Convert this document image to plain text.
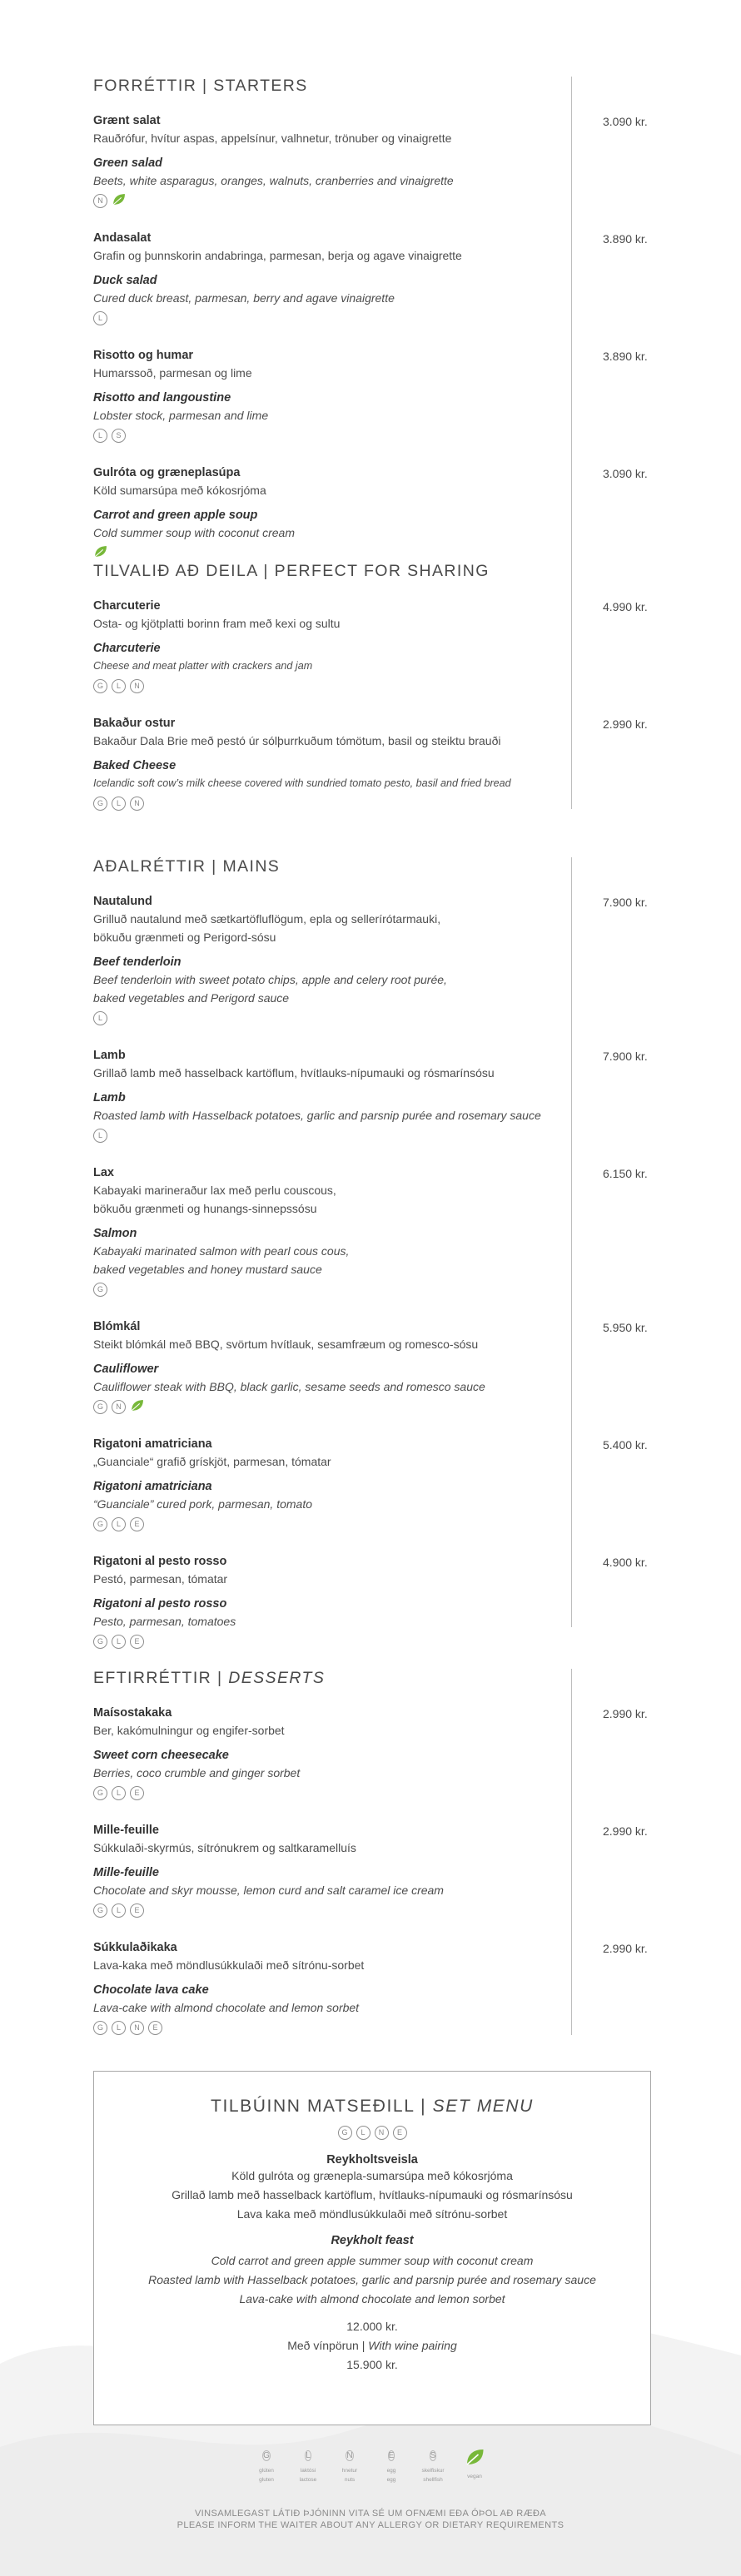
FORRÉTTIR | STARTERS
3.090 kr.
Grænt salat
Rauðrófur, hvítur aspas, appelsínur, valhnetur, trönuber og vinaigrette
Green salad
Beets, white asparagus, oranges, walnuts, cranberries and vinaigrette
N
3.890 kr.
Andasalat
Grafin og þunnskorin andabringa, parmesan, berja og agave vinaigrette
Duck salad
Cured duck breast, parmesan, berry and agave vinaigrette
L
3.890 kr.
Risotto og humar
Humarssoð, parmesan og lime
Risotto and langoustine
Lobster stock, parmesan and lime
L	S
3.090 kr.
Gulróta og græneplasúpa
Köld sumarsúpa með kókosrjóma
Carrot and green apple soup
Cold summer soup with coconut cream
TILVALIÐ AÐ DEILA | PERFECT FOR SHARING
4.990 kr.
Charcuterie
Osta- og kjötplatti borinn fram með kexi og sultu
Charcuterie
Cheese and meat platter with crackers and jam
G	L	N
2.990 kr.
Bakaður ostur
Bakaður Dala Brie með pestó úr sólþurrkuðum tómötum, basil og steiktu brauði
Baked Cheese
Icelandic soft cow’s milk cheese covered with sundried tomato pesto, basil and fried bread
G	L	N
AÐALRÉTTIR | MAINS
7.900 kr.
Nautalund
Grilluð nautalund með sætkartöfluflögum, epla og sellerírótarmauki,
bökuðu grænmeti og Perigord-sósu
Beef tenderloin
Beef tenderloin with sweet potato chips, apple and celery root purée,
baked vegetables and Perigord sauce
L
7.900 kr.
Lamb
Grillað lamb með hasselback kartöflum, hvítlauks-nípumauki og rósmarínsósu
Lamb
Roasted lamb with Hasselback potatoes, garlic and parsnip purée and rosemary sauce
L
6.150 kr.
Lax
Kabayaki marineraður lax með perlu couscous,
bökuðu grænmeti og hunangs-sinnepssósu
Salmon
Kabayaki marinated salmon with pearl cous cous,
baked vegetables and honey mustard sauce
G
5.950 kr.
Blómkál
Steikt blómkál með BBQ, svörtum hvítlauk, sesamfræum og romesco-sósu
Cauliflower
Cauliflower steak with BBQ, black garlic, sesame seeds and romesco sauce
G	N
5.400 kr.
Rigatoni amatriciana
„Guanciale“ grafið grískjöt, parmesan, tómatar
Rigatoni amatriciana
“Guanciale” cured pork, parmesan, tomato
G	L	E
4.900 kr.
Rigatoni al pesto rosso
Pestó, parmesan, tómatar
Rigatoni al pesto rosso
Pesto, parmesan, tomatoes
G	L	E
EFTIRRÉTTIR | DESSERTS
2.990 kr.
Maísostakaka
Ber, kakómulningur og engifer-sorbet
Sweet corn cheesecake
Berries, coco crumble and ginger sorbet
G	L	E
2.990 kr.
Mille-feuille
Súkkulaði-skyrmús, sítrónukrem og saltkaramelluís
Mille-feuille
Chocolate and skyr mousse, lemon curd and salt caramel ice cream
G	L	E
2.990 kr.
Súkkulaðikaka
Lava-kaka með möndlusúkkulaði með sítrónu-sorbet
Chocolate lava cake
Lava-cake with almond chocolate and lemon sorbet
G	L	N	E
TILBÚINN MATSEÐILL | SET MENU
G	L	N	E
Reykholtsveisla
Köld gulróta og grænepla-sumarsúpa með kókosrjóma
Grillað lamb með hasselback kartöflum, hvítlauks-nípumauki og rósmarínsósu
Lava kaka með möndlusúkkulaði með sítrónu-sorbet
Reykholt feast
Cold carrot and green apple summer soup with coconut cream
Roasted lamb with Hasselback potatoes, garlic and parsnip purée and rosemary sauce
Lava-cake with almond chocolate and lemon sorbet
12.000 kr.
Með vínpörun | With wine pairing
15.900 kr.
G
glúten
gluten
L
laktósi
lactose
N
hnetur
nuts
E
egg
egg
S
skelfiskur
shellfish
vegan
VINSAMLEGAST LÁTIÐ ÞJÓNINN VITA SÉ UM OFNÆMI EÐA ÓÞOL AÐ RÆÐA
PLEASE INFORM THE WAITER ABOUT ANY ALLERGY OR DIETARY REQUIREMENTS
